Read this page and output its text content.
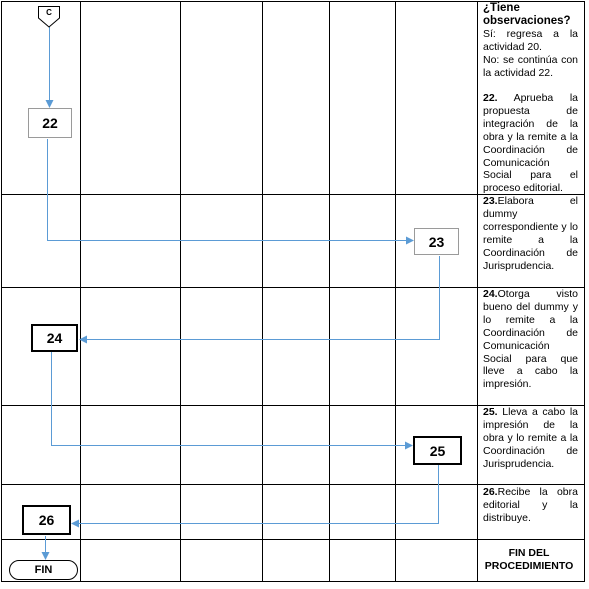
C
22
23
24
25
26
FIN
¿Tiene observaciones?
Sí: regresa a la actividad 20.
No: se continúa con la actividad 22.
22. Aprueba la propuesta de integración de la obra y la remite a la Coordinación de Comunicación Social para el proceso editorial.
23.Elabora el dummy correspondiente y lo remite a la Coordinación de Jurisprudencia.
24.Otorga visto bueno del dummy y lo remite a la Coordinación de Comunicación Social para que lleve a cabo la impresión.
25. Lleva a cabo la impresión de la obra y lo remite a la Coordinación de Jurisprudencia.
26.Recibe la obra editorial y la distribuye.
FIN DEL PROCEDIMIENTO
